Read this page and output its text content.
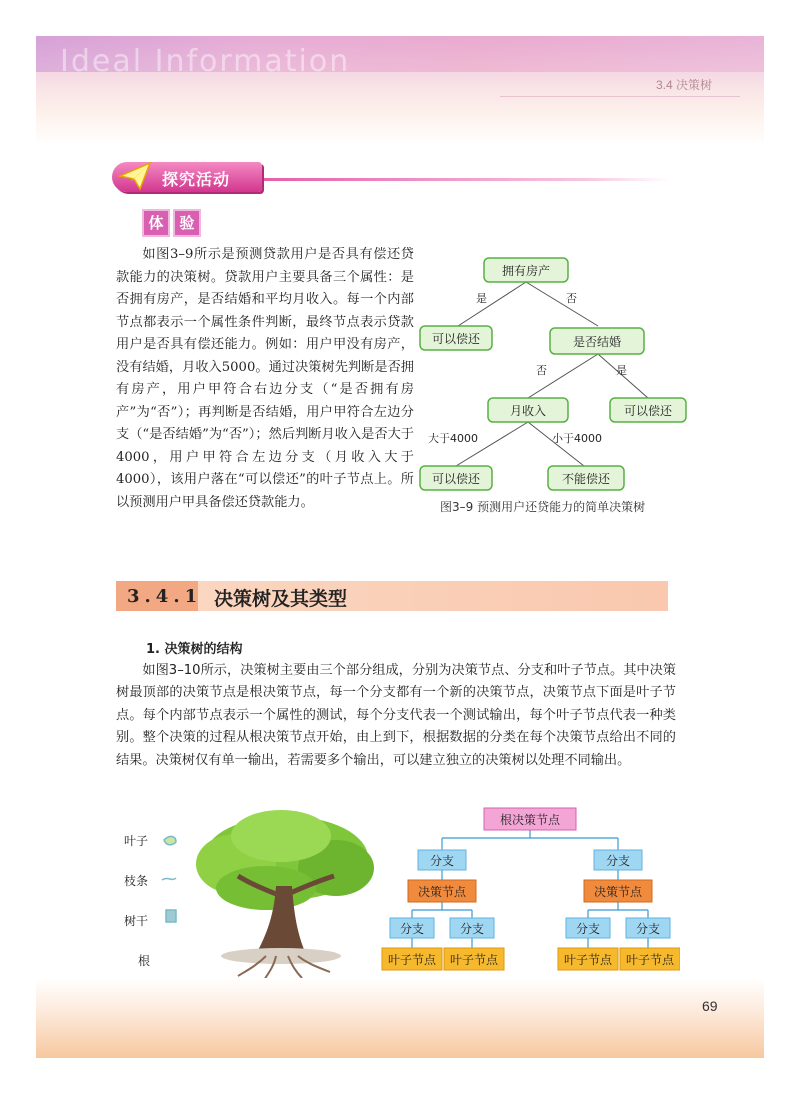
Ideal Information
3.4 决策树
探究活动
体	验
如图3–9所示是预测贷款用户是否具有偿还贷款能力的决策树。贷款用户主要具备三个属性：是否拥有房产，是否结婚和平均月收入。每一个内部节点都表示一个属性条件判断，最终节点表示贷款用户是否具有偿还能力。例如：用户甲没有房产，没有结婚，月收入5000。通过决策树先判断是否拥有房产，用户甲符合右边分支（“是否拥有房产”为“否”）；再判断是否结婚，用户甲符合左边分支（“是否结婚”为“否”）；然后判断月收入是否大于4000，用户甲符合左边分支（月收入大于 4000），该用户落在“可以偿还”的叶子节点上。所以预测用户甲具备偿还贷款能力。
拥有房产
可以偿还	是否结婚
月收入	可以偿还
可以偿还	不能偿还
是	否
否	是
大于4000	小于4000
图3–9 预测用户还贷能力的简单决策树
3.4.1 决策树及其类型
1. 决策树的结构
如图3–10所示，决策树主要由三个部分组成，分别为决策节点、分支和叶子节点。其中决策树最顶部的决策节点是根决策节点，每一个分支都有一个新的决策节点，决策节点下面是叶子节点。每个内部节点表示一个属性的测试，每个分支代表一个测试输出，每个叶子节点代表一种类别。整个决策的过程从根决策节点开始，由上到下，根据数据的分类在每个决策节点给出不同的结果。决策树仅有单一输出，若需要多个输出，可以建立独立的决策树以处理不同输出。
叶子
枝条
树干
根
根决策节点
分支	分支
决策节点	决策节点
分支	分支	分支	分支
叶子节点 叶子节点	叶子节点 叶子节点
69
